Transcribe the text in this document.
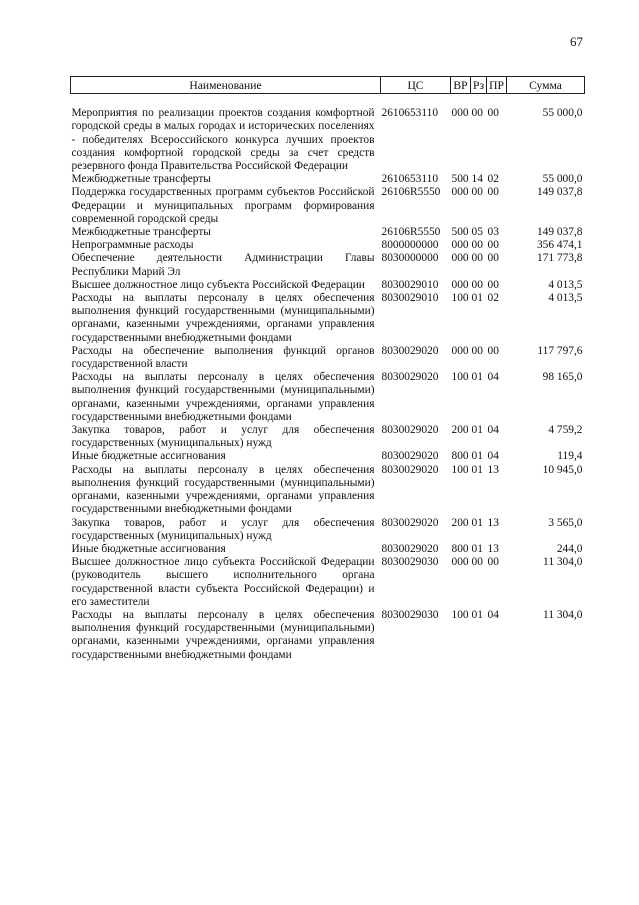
67
Наименование	ЦС	ВР	Рз	ПР	Сумма
Мероприятия по реализации проектов создания комфортной городской среды в малых городах и исторических поселениях - победителях Всероссийского конкурса лучших проектов создания комфортной городской среды за счет средств резервного фонда Правительства Российской Федерации	2610653110	000	00	00	55 000,0
Межбюджетные трансферты	2610653110	500	14	02	55 000,0
Поддержка государственных программ субъектов Российской Федерации и муниципальных программ формирования современной городской среды	26106R5550	000	00	00	149 037,8
Межбюджетные трансферты	26106R5550	500	05	03	149 037,8
Непрограммные расходы	8000000000	000	00	00	356 474,1
Обеспечение деятельности Администрации Главы Республики Марий Эл	8030000000	000	00	00	171 773,8
Высшее должностное лицо субъекта Российской Федерации	8030029010	000	00	00	4 013,5
Расходы на выплаты персоналу в целях обеспечения выполнения функций государственными (муниципальными) органами, казенными учреждениями, органами управления государственными внебюджетными фондами	8030029010	100	01	02	4 013,5
Расходы на обеспечение выполнения функций органов государственной власти	8030029020	000	00	00	117 797,6
Расходы на выплаты персоналу в целях обеспечения выполнения функций государственными (муниципальными) органами, казенными учреждениями, органами управления государственными внебюджетными фондами	8030029020	100	01	04	98 165,0
Закупка товаров, работ и услуг для обеспечения государственных (муниципальных) нужд	8030029020	200	01	04	4 759,2
Иные бюджетные ассигнования	8030029020	800	01	04	119,4
Расходы на выплаты персоналу в целях обеспечения выполнения функций государственными (муниципальными) органами, казенными учреждениями, органами управления государственными внебюджетными фондами	8030029020	100	01	13	10 945,0
Закупка товаров, работ и услуг для обеспечения государственных (муниципальных) нужд	8030029020	200	01	13	3 565,0
Иные бюджетные ассигнования	8030029020	800	01	13	244,0
Высшее должностное лицо субъекта Российской Федерации (руководитель высшего исполнительного органа государственной власти субъекта Российской Федерации) и его заместители	8030029030	000	00	00	11 304,0
Расходы на выплаты персоналу в целях обеспечения выполнения функций государственными (муниципальными) органами, казенными учреждениями, органами управления государственными внебюджетными фондами	8030029030	100	01	04	11 304,0
